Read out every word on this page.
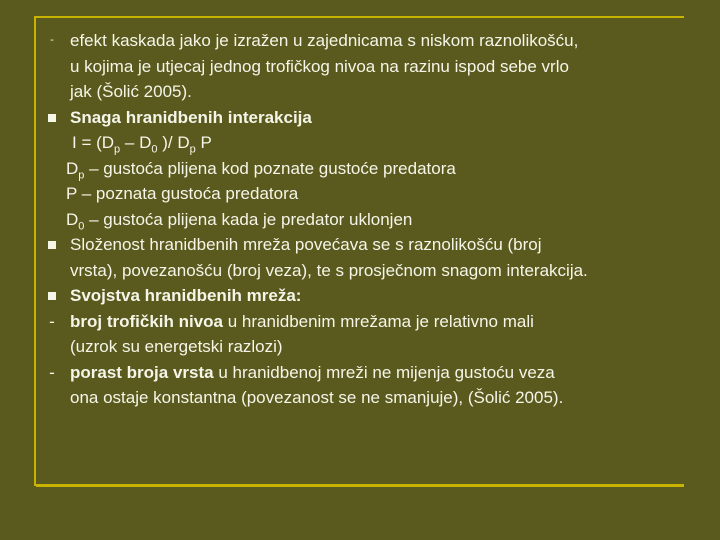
- efekt kaskada jako je izražen u zajednicama s niskom raznolikošću,
u kojima je utjecaj jednog trofičkog nivoa na razinu ispod sebe vrlo
jak (Šolić 2005).
Snaga hranidbenih interakcija
$I = (D_p - D_0$ )/ $D_p$ P
$D_p$ – gustoća plijena kod poznate gustoće predatora
P – poznata gustoća predatora
$D_0$ – gustoća plijena kada je predator uklonjen
Složenost hranidbenih mreža povećava se s raznolikošću (broj
vrsta), povezanošću (broj veza), te s prosječnom snagom interakcija.
Svojstva hranidbenih mreža:
- broj trofičkih nivoa u hranidbenim mrežama je relativno mali
(uzrok su energetski razlozi)
- porast broja vrsta u hranidbenoj mreži ne mijenja gustoću veza
ona ostaje konstantna (povezanost se ne smanjuje), (Šolić 2005).
